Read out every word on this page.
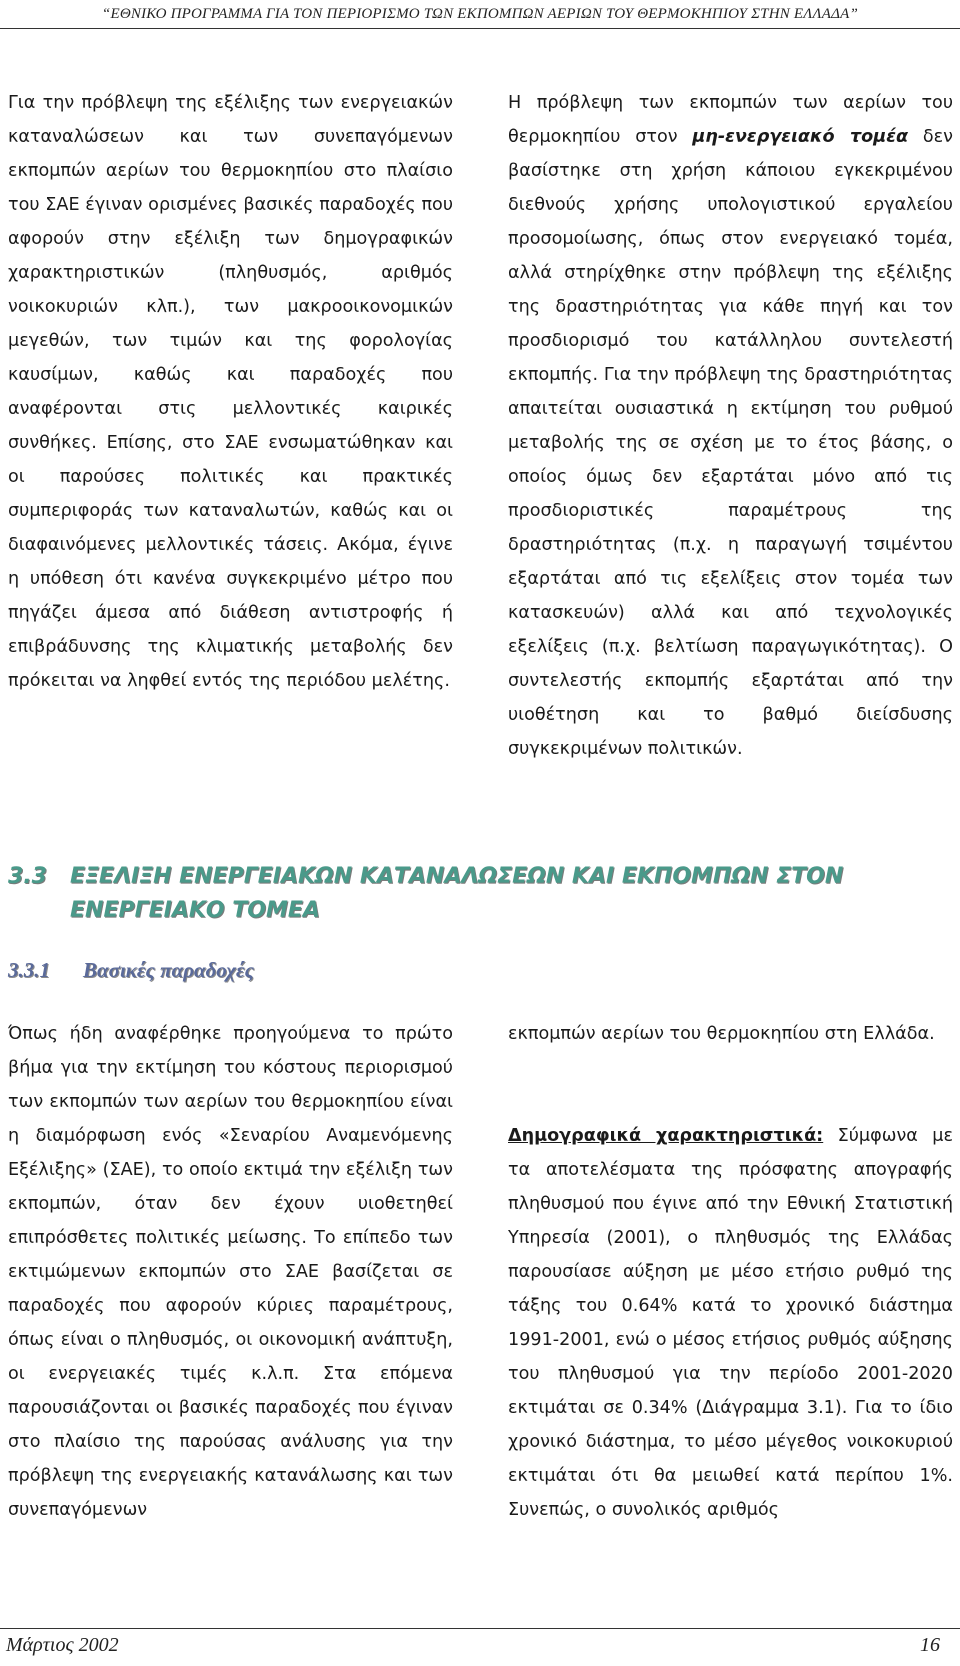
“ΕΘΝΙΚΟ ΠΡΟΓΡΑΜΜΑ ΓΙΑ ΤΟΝ ΠΕΡΙΟΡΙΣΜΟ ΤΩΝ ΕΚΠΟΜΠΩΝ ΑΕΡΙΩΝ ΤΟΥ ΘΕΡΜΟΚΗΠΙΟΥ ΣΤΗΝ ΕΛΛΑΔΑ”

Για την πρόβλεψη της εξέλιξης των ενεργειακών καταναλώσεων και των συνεπαγόμενων εκπομπών αερίων του θερμοκηπίου στο πλαίσιο του ΣΑΕ έγιναν ορισμένες βασικές παραδοχές που αφορούν στην εξέλιξη των δημογραφικών χαρακτηριστικών (πληθυσμός, αριθμός νοικοκυριών κλπ.), των μακροοικονομικών μεγεθών, των τιμών και της φορολογίας καυσίμων, καθώς και παραδοχές που αναφέρονται στις μελλοντικές καιρικές συνθήκες. Επίσης, στο ΣΑΕ ενσωματώθηκαν και οι παρούσες πολιτικές και πρακτικές συμπεριφοράς των καταναλωτών, καθώς και οι διαφαινόμενες μελλοντικές τάσεις. Ακόμα, έγινε η υπόθεση ότι κανένα συγκεκριμένο μέτρο που πηγάζει άμεσα από διάθεση αντιστροφής ή επιβράδυνσης της κλιματικής μεταβολής δεν πρόκειται να ληφθεί εντός της περιόδου μελέτης.

Η πρόβλεψη των εκπομπών των αερίων του θερμοκηπίου στον μη-ενεργειακό τομέα δεν βασίστηκε στη χρήση κάποιου εγκεκριμένου διεθνούς χρήσης υπολογιστικού εργαλείου προσομοίωσης, όπως στον ενεργειακό τομέα, αλλά στηρίχθηκε στην πρόβλεψη της εξέλιξης της δραστηριότητας για κάθε πηγή και τον προσδιορισμό του κατάλληλου συντελεστή εκπομπής. Για την πρόβλεψη της δραστηριότητας απαιτείται ουσιαστικά η εκτίμηση του ρυθμού μεταβολής της σε σχέση με το έτος βάσης, ο οποίος όμως δεν εξαρτάται μόνο από τις προσδιοριστικές παραμέτρους της δραστηριότητας (π.χ. η παραγωγή τσιμέντου εξαρτάται από τις εξελίξεις στον τομέα των κατασκευών) αλλά και από τεχνολογικές εξελίξεις (π.χ. βελτίωση παραγωγικότητας). Ο συντελεστής εκπομπής εξαρτάται από την υιοθέτηση και το βαθμό διείσδυσης συγκεκριμένων πολιτικών.

3.3 ΕΞΕΛΙΞΗ ΕΝΕΡΓΕΙΑΚΩΝ ΚΑΤΑΝΑΛΩΣΕΩΝ ΚΑΙ ΕΚΠΟΜΠΩΝ ΣΤΟΝ
ΕΝΕΡΓΕΙΑΚΟ ΤΟΜΕΑ
3.3.1 Βασικές παραδοχές

Όπως ήδη αναφέρθηκε προηγούμενα το πρώτο βήμα για την εκτίμηση του κόστους περιορισμού των εκπομπών των αερίων του θερμοκηπίου είναι η διαμόρφωση ενός «Σεναρίου Αναμενόμενης Εξέλιξης» (ΣΑΕ), το οποίο εκτιμά την εξέλιξη των εκπομπών, όταν δεν έχουν υιοθετηθεί επιπρόσθετες πολιτικές μείωσης. Το επίπεδο των εκτιμώμενων εκπομπών στο ΣΑΕ βασίζεται σε παραδοχές που αφορούν κύριες παραμέτρους, όπως είναι ο πληθυσμός, οι οικονομική ανάπτυξη, οι ενεργειακές τιμές κ.λ.π. Στα επόμενα παρουσιάζονται οι βασικές παραδοχές που έγιναν στο πλαίσιο της παρούσας ανάλυσης για την πρόβλεψη της ενεργειακής κατανάλωσης και των συνεπαγόμενων

εκπομπών αερίων του θερμοκηπίου στη Ελλάδα.

Δημογραφικά χαρακτηριστικά: Σύμφωνα με τα αποτελέσματα της πρόσφατης απογραφής πληθυσμού που έγινε από την Εθνική Στατιστική Υπηρεσία (2001), ο πληθυσμός της Ελλάδας παρουσίασε αύξηση με μέσο ετήσιο ρυθμό της τάξης του 0.64% κατά το χρονικό διάστημα 1991-2001, ενώ ο μέσος ετήσιος ρυθμός αύξησης του πληθυσμού για την περίοδο 2001-2020 εκτιμάται σε 0.34% (Διάγραμμα 3.1). Για το ίδιο χρονικό διάστημα, το μέσο μέγεθος νοικοκυριού εκτιμάται ότι θα μειωθεί κατά περίπου 1%. Συνεπώς, ο συνολικός αριθμός

Μάρτιος 2002	16
